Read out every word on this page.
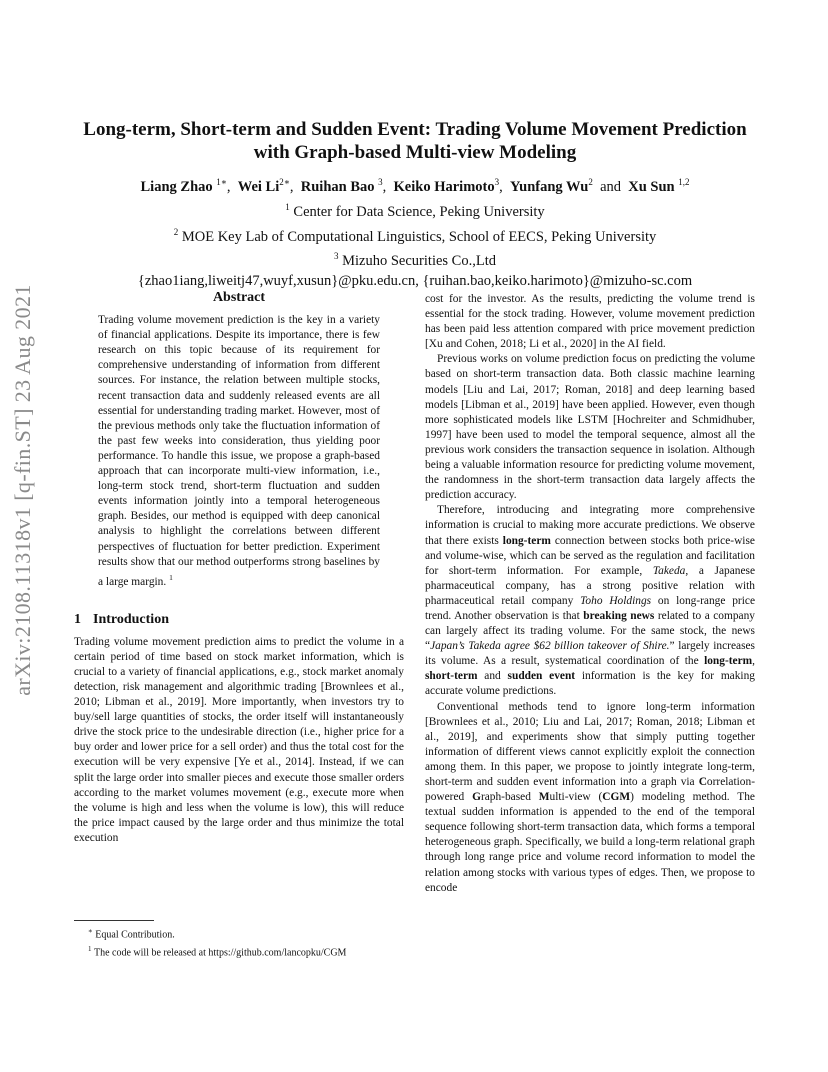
arXiv:2108.11318v1 [q-fin.ST] 23 Aug 2021
Long-term, Short-term and Sudden Event: Trading Volume Movement Prediction
with Graph-based Multi-view Modeling
Liang Zhao $^{1∗}$, Wei $Li^{2∗}$, Ruihan Bao $^3$, Keiko Harimoto$^3$, Yunfang Wu$^2$ and Xu Sun $^{1,2}$
$^1$ Center for Data Science, Peking University
$^2$ MOE Key Lab of Computational Linguistics, School of EECS, Peking University
$^3$ Mizuho Securities Co.,Ltd
{zhao1iang,liweitj47,wuyf,xusun}@pku.edu.cn, {ruihan.bao,keiko.harimoto}@mizuho-sc.com
Abstract

Trading volume movement prediction is the key in a variety of financial applications. Despite its importance, there is few research on this topic because of its requirement for comprehensive understanding of information from different sources. For instance, the relation between multiple stocks, recent transaction data and suddenly released events are all essential for understanding trading market. However, most of the previous methods only take the fluctuation information of the past few weeks into consideration, thus yielding poor performance. To handle this issue, we propose a graph-based approach that can incorporate multi-view information, i.e., long-term stock trend, short-term fluctuation and sudden events information jointly into a temporal heterogeneous graph. Besides, our method is equipped with deep canonical analysis to highlight the correlations between different perspectives of fluctuation for better prediction. Experiment results show that our method outperforms strong baselines by a large margin. $^1$

1 Introduction

Trading volume movement prediction aims to predict the volume in a certain period of time based on stock market information, which is crucial to a variety of financial applications, e.g., stock market anomaly detection, risk management and algorithmic trading [Brownlees et al., 2010; Libman et al., 2019]. More importantly, when investors try to buy/sell large quantities of stocks, the order itself will instantaneously drive the stock price to the undesirable direction (i.e., higher price for a buy order and lower price for a sell order) and thus the total cost for the execution will be very expensive [Ye et al., 2014]. Instead, if we can split the large order into smaller pieces and execute those smaller orders according to the market volumes movement (e.g., execute more when the volume is high and less when the volume is low), this will reduce the price impact caused by the large order and thus minimize the total execution

cost for the investor. As the results, predicting the volume trend is essential for the stock trading. However, volume movement prediction has been paid less attention compared with price movement prediction [Xu and Cohen, 2018; Li et al., 2020] in the AI field.

Previous works on volume prediction focus on predicting the volume based on short-term transaction data. Both classic machine learning models [Liu and Lai, 2017; Roman, 2018] and deep learning based models [Libman et al., 2019] have been applied. However, even though more sophisticated models like LSTM [Hochreiter and Schmidhuber, 1997] have been used to model the temporal sequence, almost all the previous work considers the transaction sequence in isolation. Although being a valuable information resource for predicting volume movement, the randomness in the short-term transaction data largely affects the prediction accuracy.

Therefore, introducing and integrating more comprehensive information is crucial to making more accurate predictions. We observe that there exists long-term connection between stocks both price-wise and volume-wise, which can be served as the regulation and facilitation for short-term information. For example, Takeda, a Japanese pharmaceutical company, has a strong positive relation with pharmaceutical retail company Toho Holdings on long-range price trend. Another observation is that breaking news related to a company can largely affect its trading volume. For the same stock, the news “Japan’s Takeda agree $62 billion takeover of Shire.” largely increases its volume. As a result, systematical coordination of the long-term, short-term and sudden event information is the key for making accurate volume predictions.

Conventional methods tend to ignore long-term information [Brownlees et al., 2010; Liu and Lai, 2017; Roman, 2018; Libman et al., 2019], and experiments show that simply putting together information of different views cannot explicitly exploit the connection among them. In this paper, we propose to jointly integrate long-term, short-term and sudden event information into a graph via Correlation-powered Graph-based Multi-view (CGM) modeling method. The textual sudden information is appended to the end of the temporal sequence following short-term transaction data, which forms a temporal heterogeneous graph. Specifically, we build a long-term relational graph through long range price and volume record information to model the relation among stocks with various types of edges. Then, we propose to encode

∗ Equal Contribution.
$^1$ The code will be released at https://github.com/lancopku/CGM
